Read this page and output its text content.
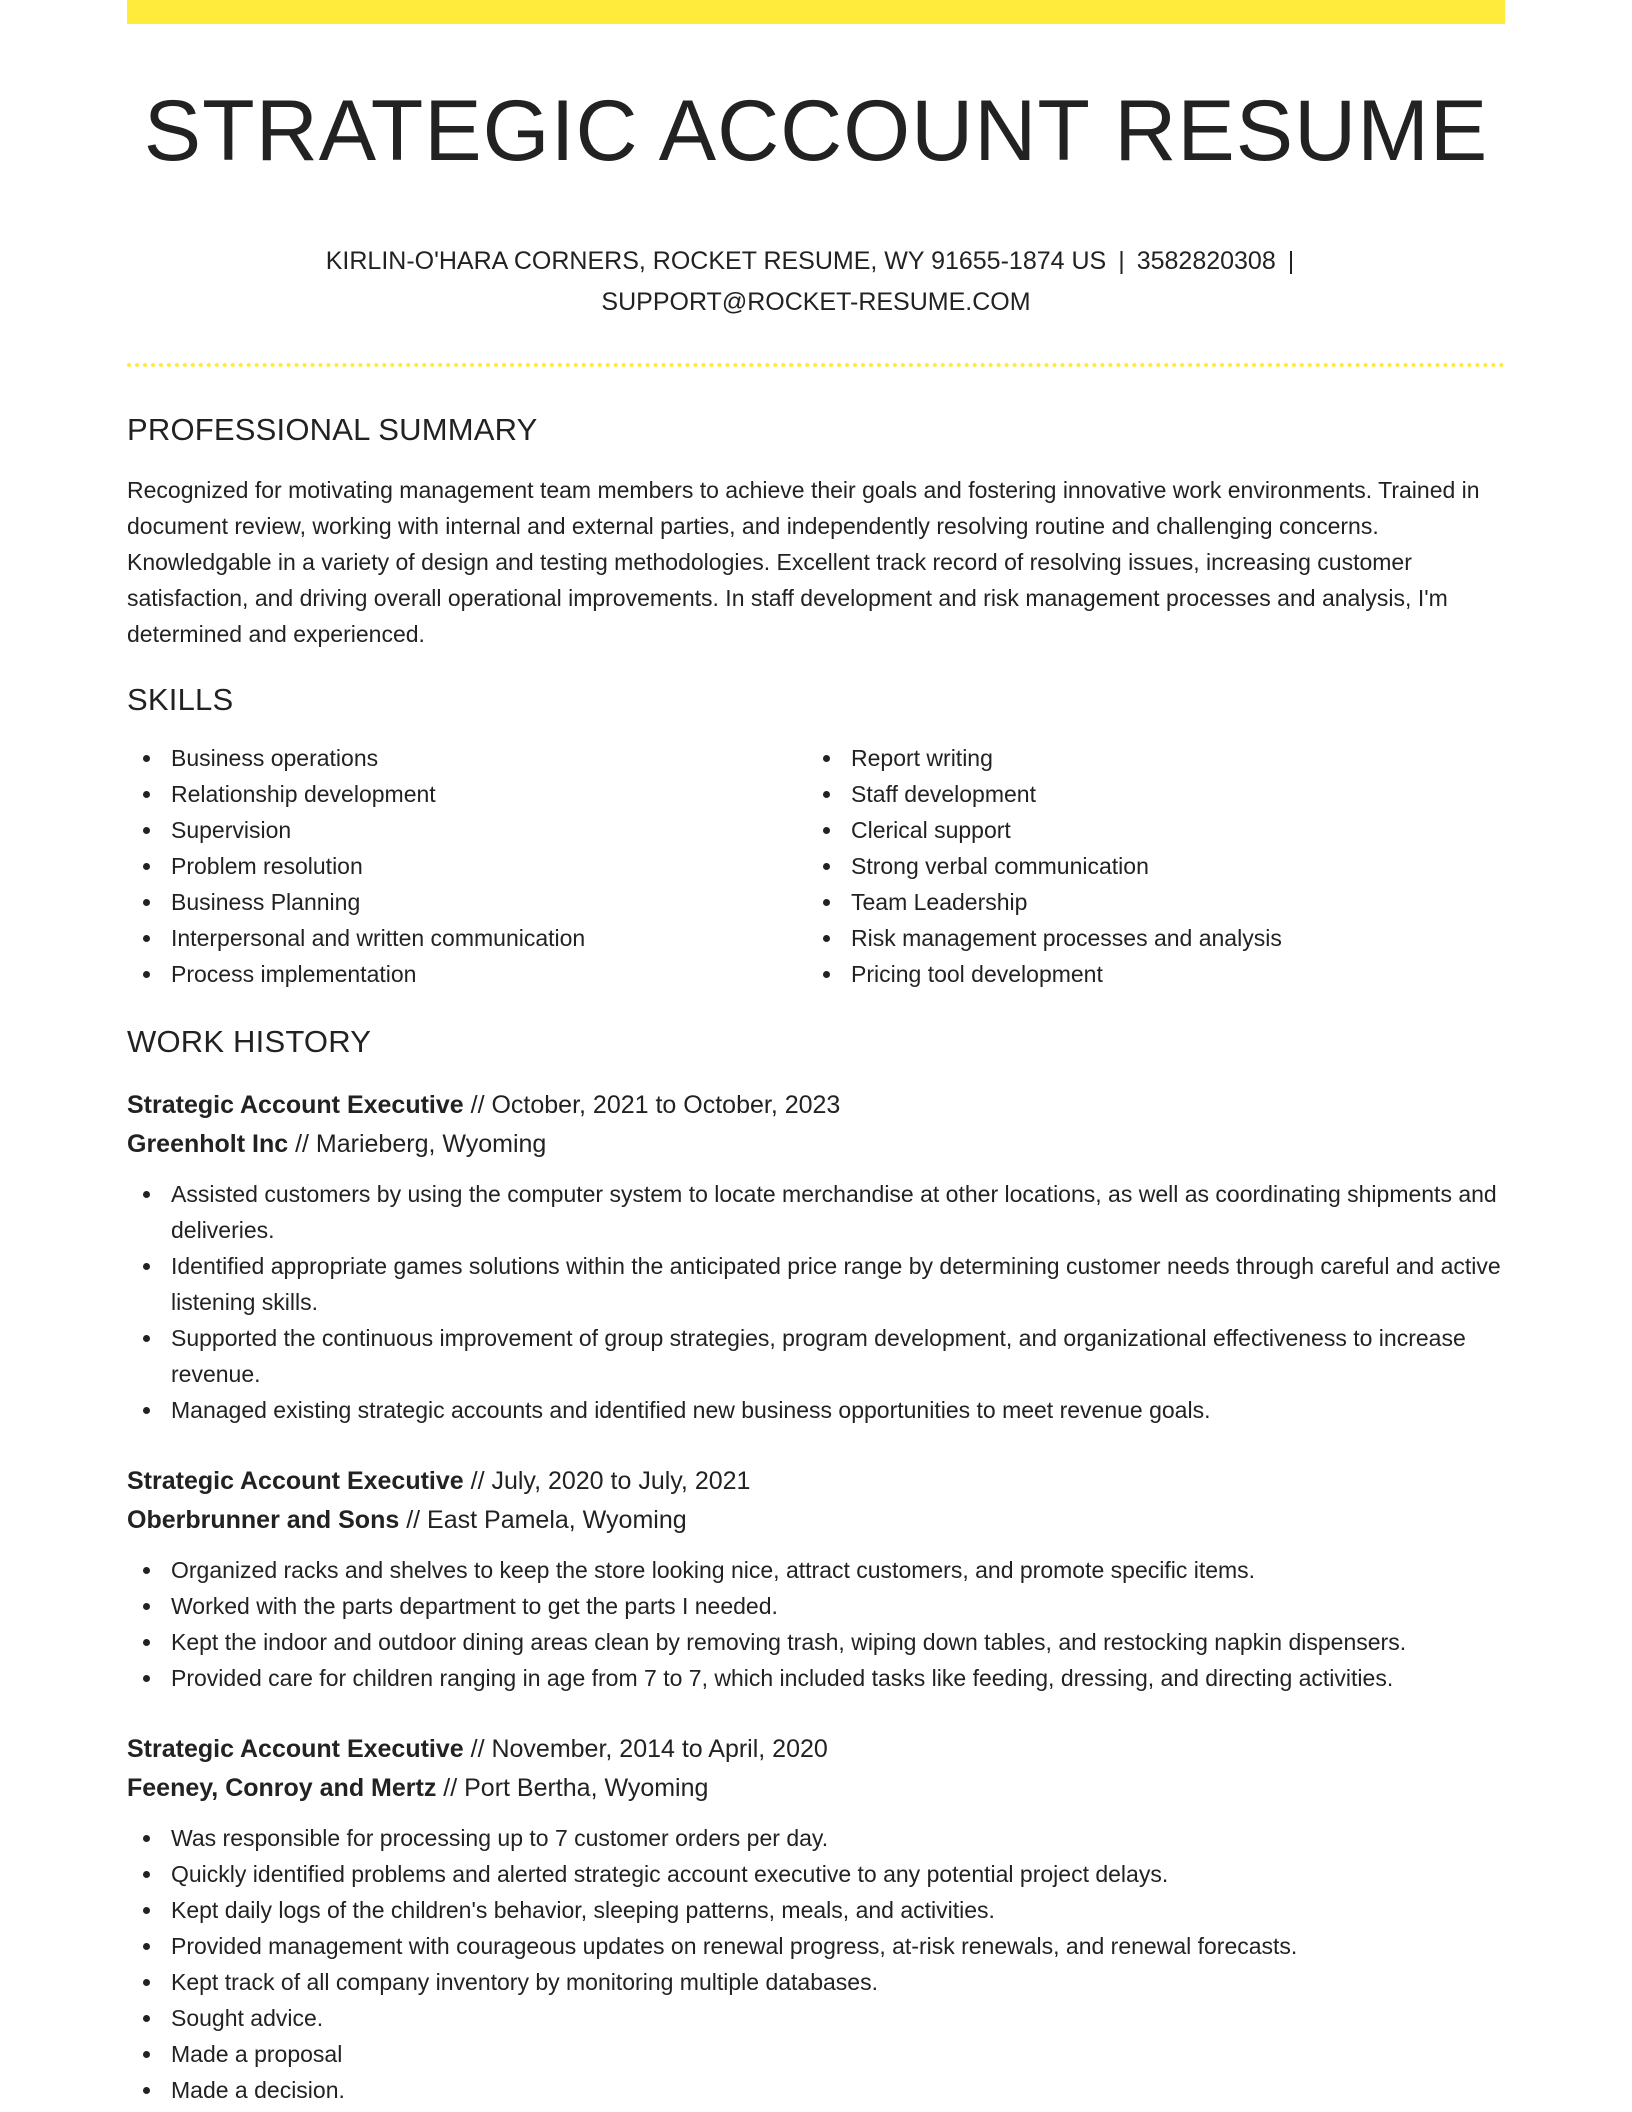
STRATEGIC ACCOUNT RESUME
KIRLIN-O'HARA CORNERS, ROCKET RESUME, WY 91655-1874 US | 3582820308 |
SUPPORT@ROCKET-RESUME.COM
PROFESSIONAL SUMMARY
Recognized for motivating management team members to achieve their goals and fostering innovative work environments. Trained in document review, working with internal and external parties, and independently resolving routine and challenging concerns. Knowledgable in a variety of design and testing methodologies. Excellent track record of resolving issues, increasing customer satisfaction, and driving overall operational improvements. In staff development and risk management processes and analysis, I'm determined and experienced.
SKILLS
Business operations
Relationship development
Supervision
Problem resolution
Business Planning
Interpersonal and written communication
Process implementation
Report writing
Staff development
Clerical support
Strong verbal communication
Team Leadership
Risk management processes and analysis
Pricing tool development
WORK HISTORY
Strategic Account Executive // October, 2021 to October, 2023
Greenholt Inc // Marieberg, Wyoming
Assisted customers by using the computer system to locate merchandise at other locations, as well as coordinating shipments and deliveries.
Identified appropriate games solutions within the anticipated price range by determining customer needs through careful and active listening skills.
Supported the continuous improvement of group strategies, program development, and organizational effectiveness to increase revenue.
Managed existing strategic accounts and identified new business opportunities to meet revenue goals.
Strategic Account Executive // July, 2020 to July, 2021
Oberbrunner and Sons // East Pamela, Wyoming
Organized racks and shelves to keep the store looking nice, attract customers, and promote specific items.
Worked with the parts department to get the parts I needed.
Kept the indoor and outdoor dining areas clean by removing trash, wiping down tables, and restocking napkin dispensers.
Provided care for children ranging in age from 7 to 7, which included tasks like feeding, dressing, and directing activities.
Strategic Account Executive // November, 2014 to April, 2020
Feeney, Conroy and Mertz // Port Bertha, Wyoming
Was responsible for processing up to 7 customer orders per day.
Quickly identified problems and alerted strategic account executive to any potential project delays.
Kept daily logs of the children's behavior, sleeping patterns, meals, and activities.
Provided management with courageous updates on renewal progress, at-risk renewals, and renewal forecasts.
Kept track of all company inventory by monitoring multiple databases.
Sought advice.
Made a proposal
Made a decision.
